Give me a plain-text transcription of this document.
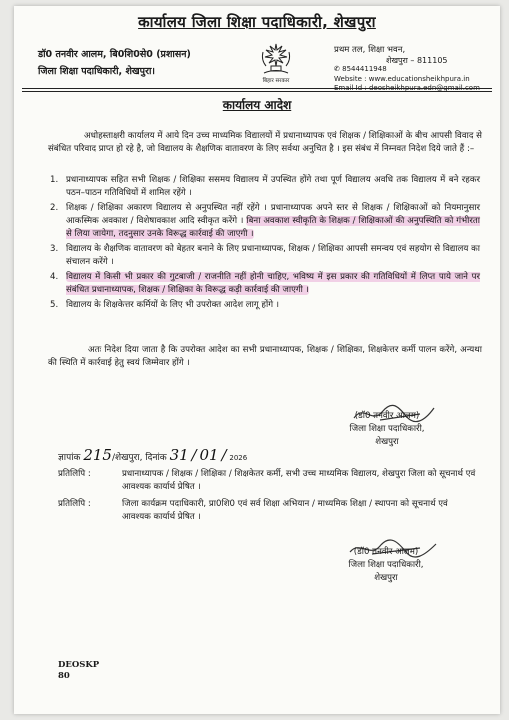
कार्यालय जिला शिक्षा पदाधिकारी, शेखपुरा
डॉ0 तनवीर आलम, बि0शि0से0 (प्रशासन)
जिला शिक्षा पदाधिकारी, शेखपुरा।
बिहार सरकार
प्रथम तल, शिक्षा भवन,
शेखपुरा – 811105
✆ 8544411948
Website : www.educationsheikhpura.in
Email Id : deosheikhpura.edn@gmail.com
कार्यालय आदेश
अधोहस्ताक्षरी कार्यालय में आये दिन उच्च माध्यमिक विद्यालयों में प्रधानाध्यापक एवं शिक्षक / शिक्षिकाओं के बीच आपसी विवाद से संबंधित परिवाद प्राप्त हो रहे है, जो विद्यालय के शैक्षणिक वातावरण के लिए सर्वथा अनुचित है । इस संबंध में निम्नवत निदेश दिये जाते हैं :–
1. प्रधानाध्यापक सहित सभी शिक्षक / शिक्षिका ससमय विद्यालय में उपस्थित होंगे तथा पूर्ण विद्यालय अवधि तक विद्यालय में बने रहकर पठन–पाठन गतिविधियों में शामिल रहेंगे ।
2. शिक्षक / शिक्षिका अकारण विद्यालय से अनुपस्थित नहीं रहेंगे । प्रधानाध्यापक अपने स्तर से शिक्षक / शिक्षिकाओं को नियमानुसार आकस्मिक अवकाश / विशेषावकाश आदि स्वीकृत करेंगे । बिना अवकाश स्वीकृति के शिक्षक / शिक्षिकाओं की अनुपस्थिति को गंभीरता से लिया जायेगा, तदनुसार उनके विरूद्ध कार्रवाई की जाएगी ।
3. विद्यालय के शैक्षणिक वातावरण को बेहतर बनाने के लिए प्रधानाध्यापक, शिक्षक / शिक्षिका आपसी समन्वय एवं सहयोग से विद्यालय का संचालन करेंगे ।
4. विद्यालय में किसी भी प्रकार की गुटबाजी / राजनीति नहीं होनी चाहिए, भविष्य में इस प्रकार की गतिविधियों में लिप्त पाये जाने पर संबंधित प्रधानाध्यापक, शिक्षक / शिक्षिका के विरूद्ध कड़ी कार्रवाई की जाएगी ।
5. विद्यालय के शिक्षकेत्तर कर्मियों के लिए भी उपरोक्त आदेश लागू होंगे ।
अतः निदेश दिया जाता है कि उपरोक्त आदेश का सभी प्रधानाध्यापक, शिक्षक / शिक्षिका, शिक्षकेत्तर कर्मी पालन करेंगे, अन्यथा की स्थिति में कार्रवाई हेतु स्वयं जिम्मेवार होंगे ।
(डॉ0 तनवीर आलम)
जिला शिक्षा पदाधिकारी,
शेखपुरा
ज्ञापांक 215/शेखपुरा, दिनांक 31 / 01 / 2026
प्रतिलिपि :	प्रधानाध्यापक / शिक्षक / शिक्षिका / शिक्षकेतर कर्मी, सभी उच्च माध्यमिक विद्यालय, शेखपुरा जिला को सूचनार्थ एवं आवश्यक कार्यार्थ प्रेषित ।
प्रतिलिपि :	जिला कार्यक्रम पदाधिकारी, प्रा0शि0 एवं सर्व शिक्षा अभियान / माध्यमिक शिक्षा / स्थापना को सूचनार्थ एवं आवश्यक कार्यार्थ प्रेषित ।
(डॉ0 तनवीर आलम)
जिला शिक्षा पदाधिकारी,
शेखपुरा
DEOSKP
80
